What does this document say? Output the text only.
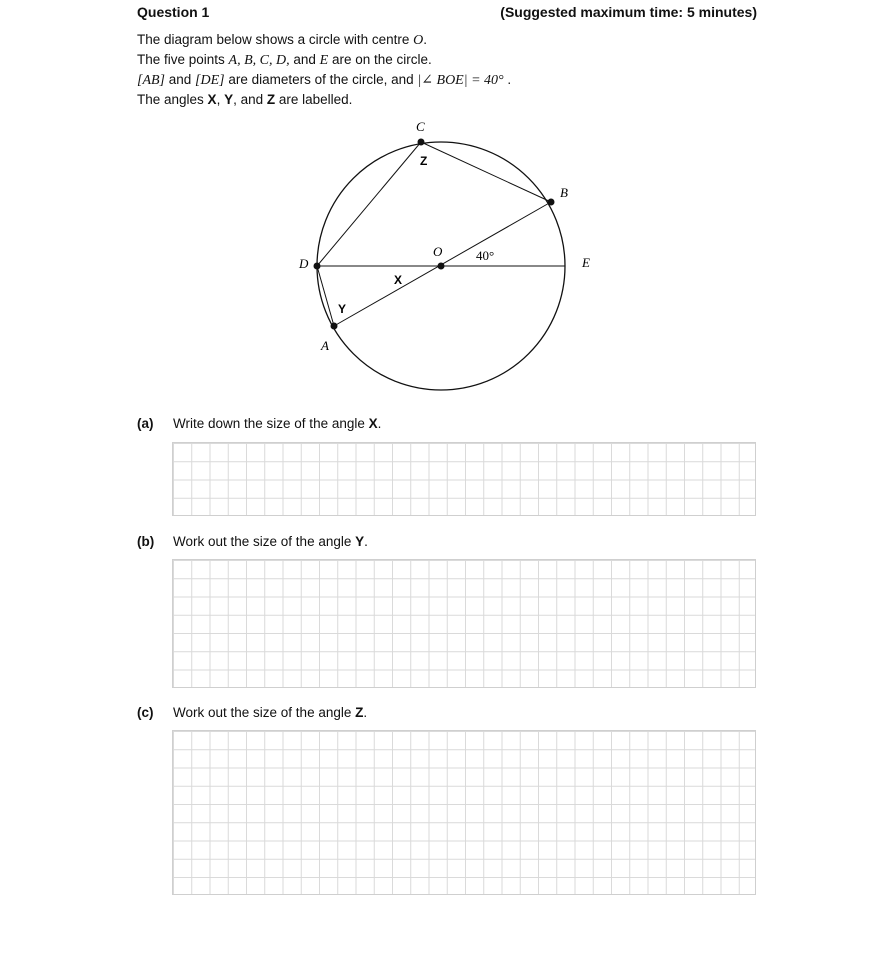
Question 1	(Suggested maximum time: 5 minutes)

The diagram below shows a circle with centre O.

The five points A, B, C, D, and E are on the circle.

[AB] and [DE] are diameters of the circle, and |∠ BOE| = 40° .

The angles X, Y, and Z are labelled.

C
B
D	E
O
A
Z
X
Y
40°
(a) Write down the size of the angle X.
(b) Work out the size of the angle Y.
(c) Work out the size of the angle Z.
